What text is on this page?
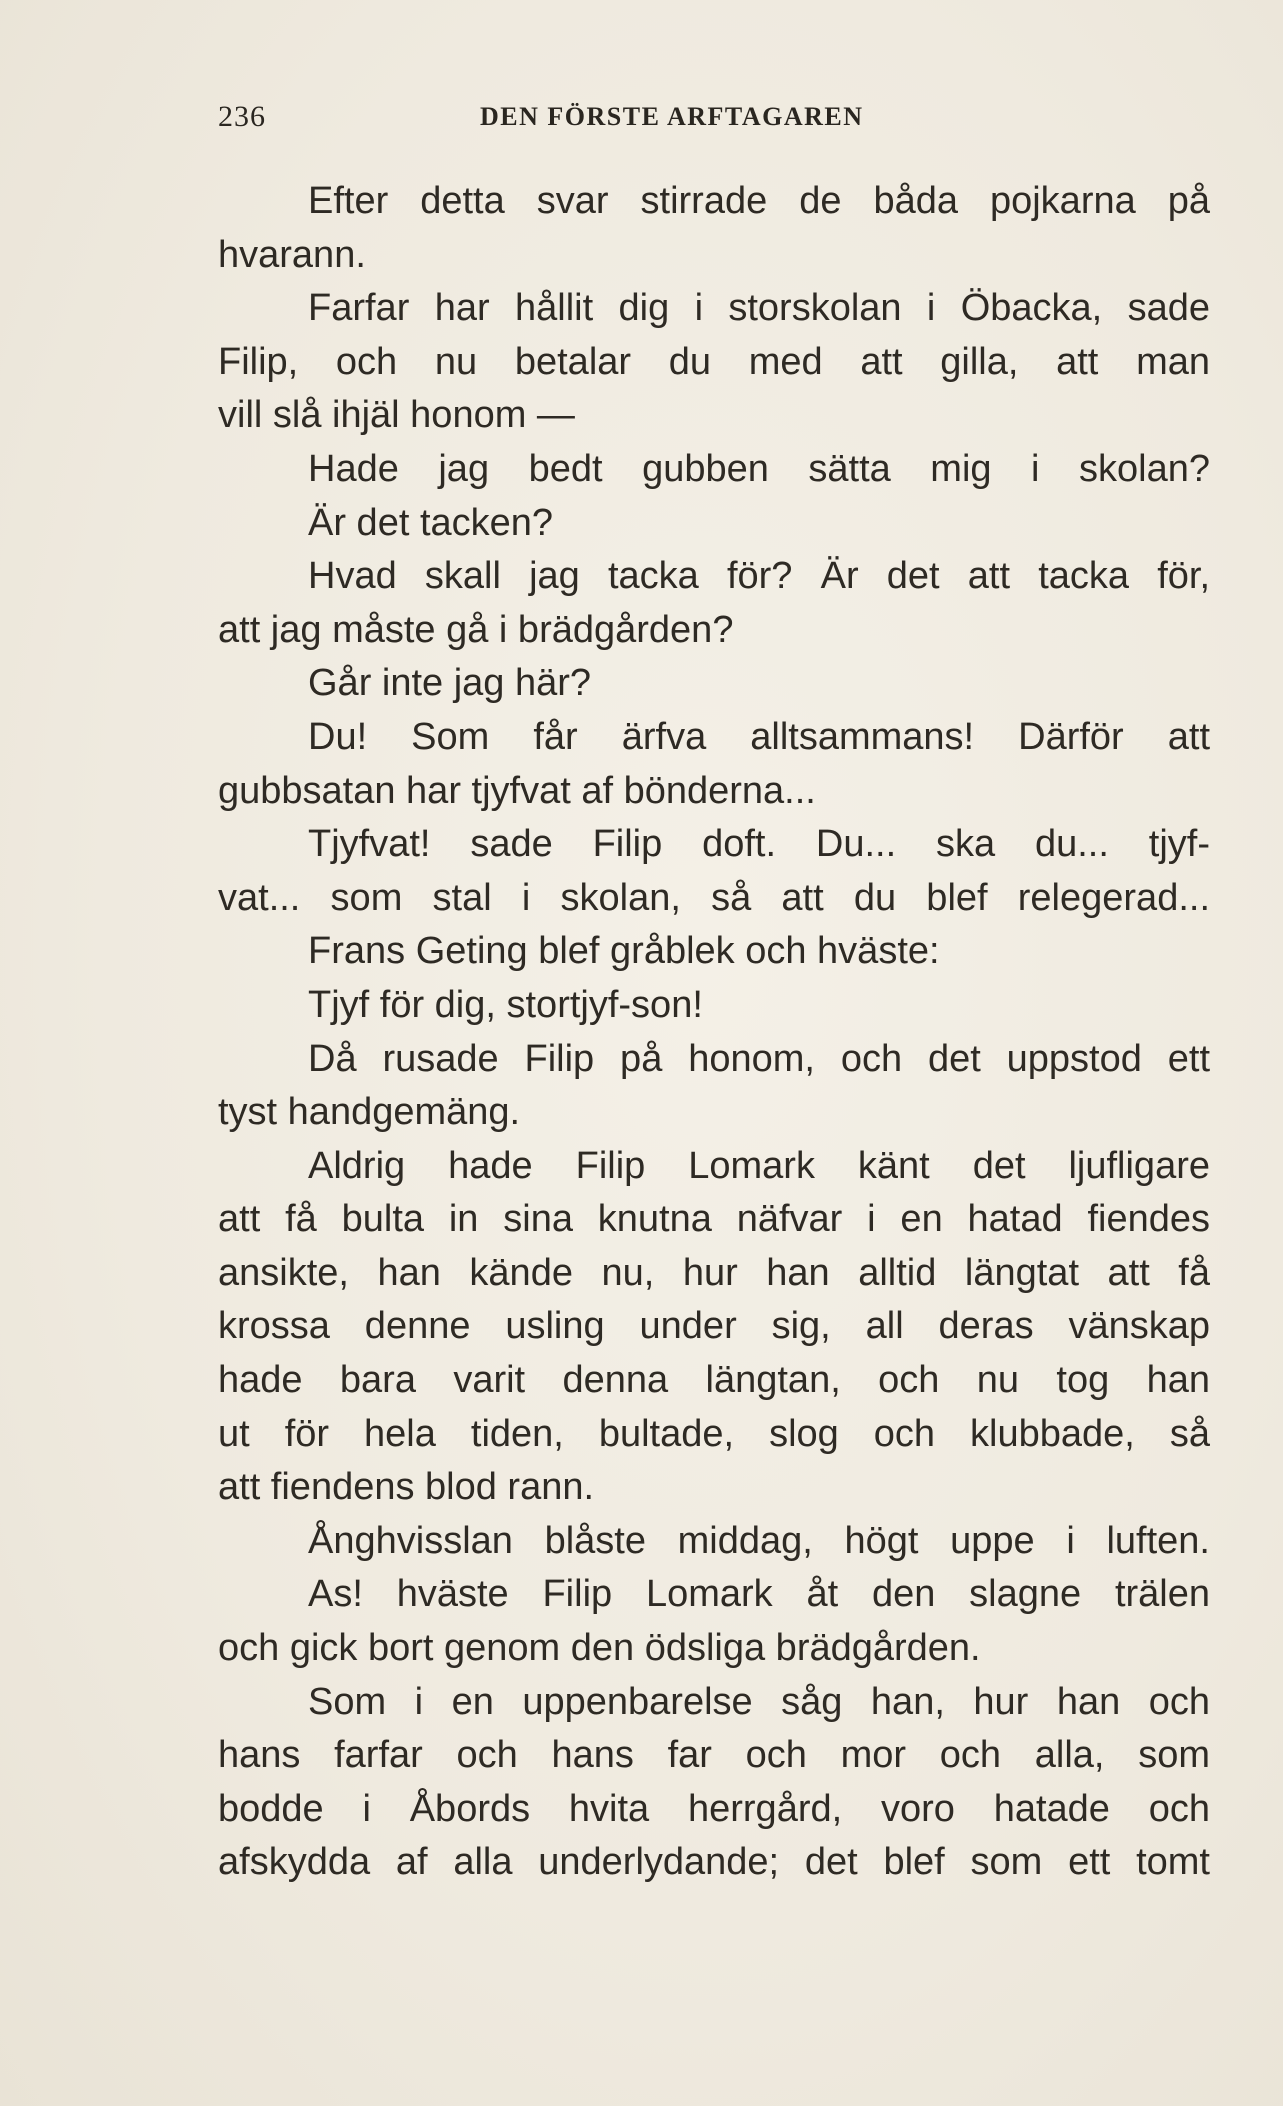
236	DEN FÖRSTE ARFTAGAREN
Efter detta svar stirrade de båda pojkarna på
hvarann.
Farfar har hållit dig i storskolan i Öbacka, sade
Filip, och nu betalar du med att gilla, att man
vill slå ihjäl honom —
Hade jag bedt gubben sätta mig i skolan?
Är det tacken?
Hvad skall jag tacka för? Är det att tacka för,
att jag måste gå i brädgården?
Går inte jag här?
Du! Som får ärfva alltsammans! Därför att
gubbsatan har tjyfvat af bönderna...
Tjyfvat! sade Filip doft. Du... ska du... tjyf-
vat... som stal i skolan, så att du blef relegerad...
Frans Geting blef gråblek och hväste:
Tjyf för dig, stortjyf-son!
Då rusade Filip på honom, och det uppstod ett
tyst handgemäng.
Aldrig hade Filip Lomark känt det ljufligare
att få bulta in sina knutna näfvar i en hatad fiendes
ansikte, han kände nu, hur han alltid längtat att få
krossa denne usling under sig, all deras vänskap
hade bara varit denna längtan, och nu tog han
ut för hela tiden, bultade, slog och klubbade, så
att fiendens blod rann.
Ånghvisslan blåste middag, högt uppe i luften.
As! hväste Filip Lomark åt den slagne trälen
och gick bort genom den ödsliga brädgården.
Som i en uppenbarelse såg han, hur han och
hans farfar och hans far och mor och alla, som
bodde i Åbords hvita herrgård, voro hatade och
afskydda af alla underlydande; det blef som ett tomt
